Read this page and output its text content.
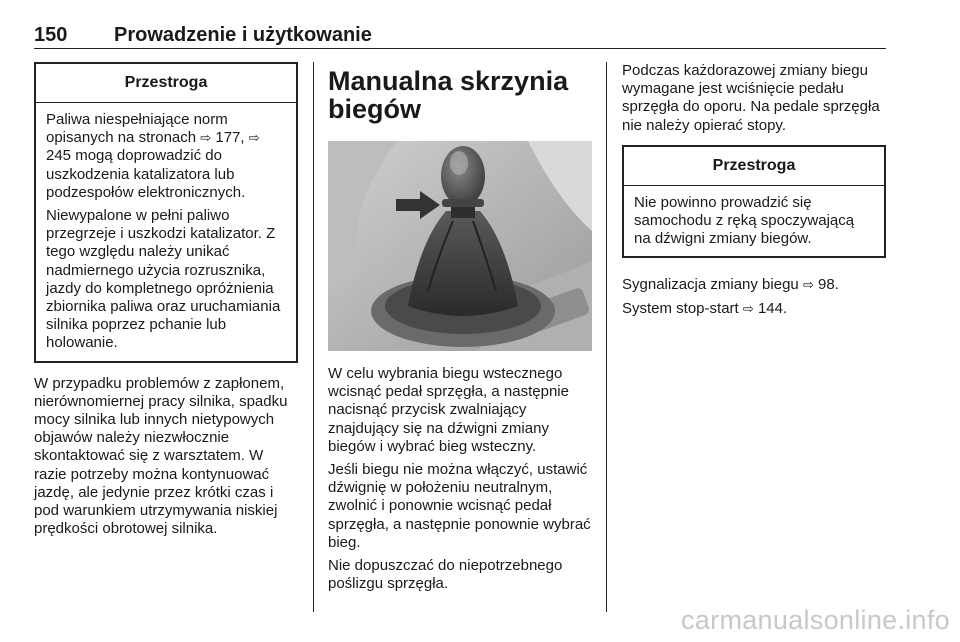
150 Prowadzenie i użytkowanie
Przestroga

Paliwa niespełniające norm opisanych na stronach ⇨ 177, ⇨ 245 mogą doprowadzić do uszkodzenia katalizatora lub podzespołów elektronicznych.

Niewypalone w pełni paliwo przegrzeje i uszkodzi katalizator. Z tego względu należy unikać nadmiernego użycia rozrusznika, jazdy do kompletnego opróżnienia zbiornika paliwa oraz uruchamiania silnika poprzez pchanie lub holowanie.

W przypadku problemów z zapłonem, nierównomiernej pracy silnika, spadku mocy silnika lub innych nietypowych objawów należy niezwłocznie skontaktować się z warsztatem. W razie potrzeby można kontynuować jazdę, ale jedynie przez krótki czas i pod warunkiem utrzymywania niskiej prędkości obrotowej silnika.

Manualna skrzynia biegów

W celu wybrania biegu wstecznego wcisnąć pedał sprzęgła, a następnie nacisnąć przycisk zwalniający znajdujący się na dźwigni zmiany biegów i wybrać bieg wsteczny.

Jeśli biegu nie można włączyć, ustawić dźwignię w położeniu neutralnym, zwolnić i ponownie wcisnąć pedał sprzęgła, a następnie ponownie wybrać bieg.

Nie dopuszczać do niepotrzebnego poślizgu sprzęgła.

Podczas każdorazowej zmiany biegu wymagane jest wciśnięcie pedału sprzęgła do oporu. Na pedale sprzęgła nie należy opierać stopy.

Przestroga

Nie powinno prowadzić się samochodu z ręką spoczywającą na dźwigni zmiany biegów.

Sygnalizacja zmiany biegu ⇨ 98.

System stop-start ⇨ 144.

carmanualsonline.info
